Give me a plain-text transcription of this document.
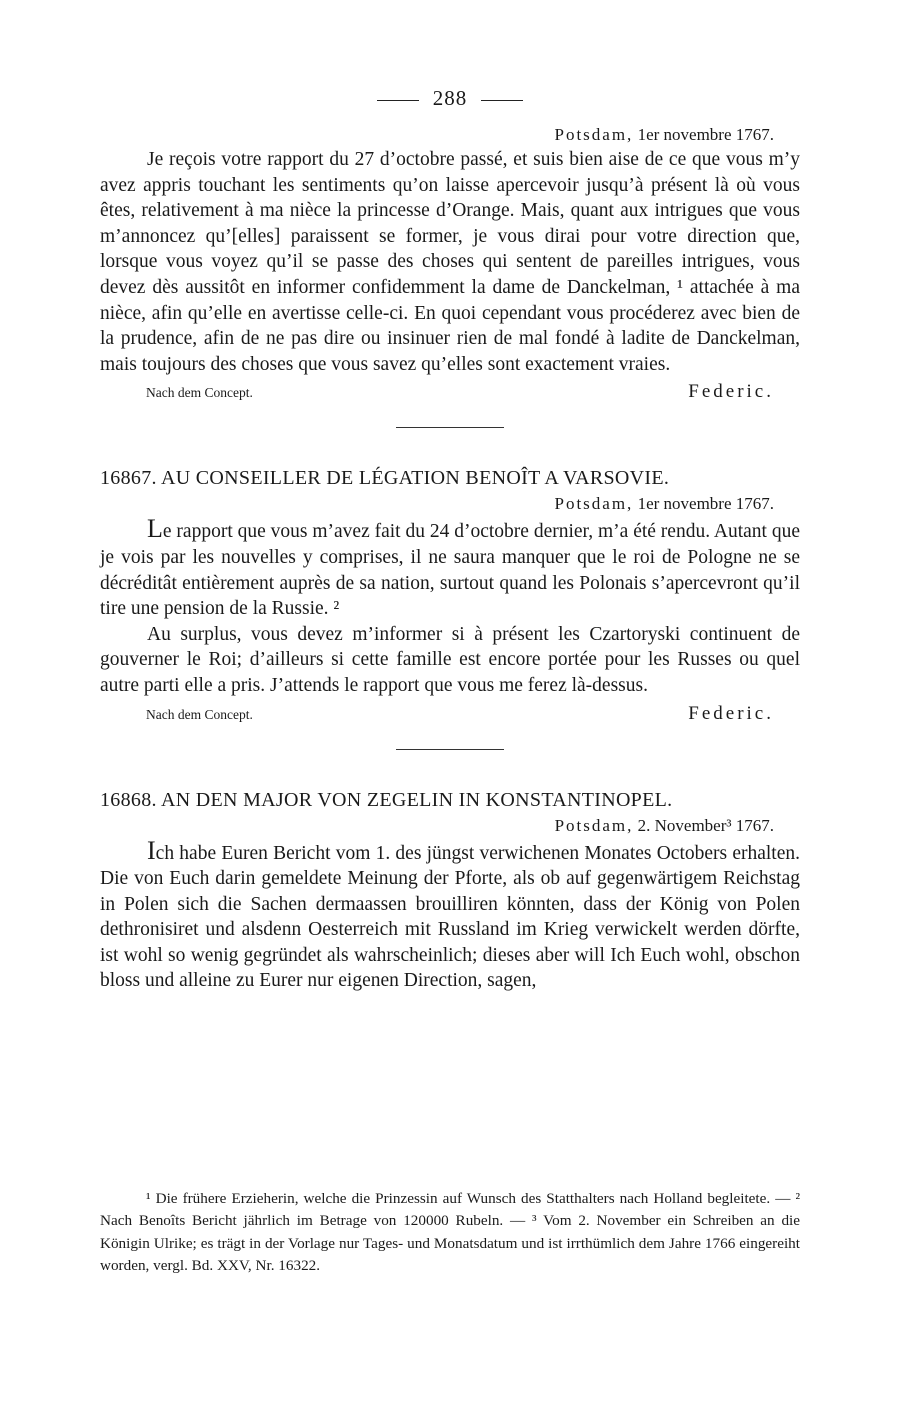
288

Potsdam, 1er novembre 1767.

Je reçois votre rapport du 27 d’octobre passé, et suis bien aise de ce que vous m’y avez appris touchant les sentiments qu’on laisse apercevoir jusqu’à présent là où vous êtes, relativement à ma nièce la princesse d’Orange. Mais, quant aux intrigues que vous m’annoncez qu’[elles] paraissent se former, je vous dirai pour votre direction que, lorsque vous voyez qu’il se passe des choses qui sentent de pareilles intrigues, vous devez dès aussitôt en informer confidemment la dame de Danckelman, ¹ attachée à ma nièce, afin qu’elle en avertisse celle-ci. En quoi cependant vous procéderez avec bien de la prudence, afin de ne pas dire ou insinuer rien de mal fondé à ladite de Danckelman, mais toujours des choses que vous savez qu’elles sont exactement vraies.

Nach dem Concept.	Federic.

16867. AU CONSEILLER DE LÉGATION BENOÎT A VARSOVIE.

Potsdam, 1er novembre 1767.

Le rapport que vous m’avez fait du 24 d’octobre dernier, m’a été rendu. Autant que je vois par les nouvelles y comprises, il ne saura manquer que le roi de Pologne ne se décréditât entièrement auprès de sa nation, surtout quand les Polonais s’apercevront qu’il tire une pension de la Russie. ²

Au surplus, vous devez m’informer si à présent les Czartoryski continuent de gouverner le Roi; d’ailleurs si cette famille est encore portée pour les Russes ou quel autre parti elle a pris. J’attends le rapport que vous me ferez là-dessus.

Nach dem Concept.	Federic.

16868. AN DEN MAJOR VON ZEGELIN IN KONSTANTINOPEL.

Potsdam, 2. November³ 1767.

Ich habe Euren Bericht vom 1. des jüngst verwichenen Monates Octobers erhalten. Die von Euch darin gemeldete Meinung der Pforte, als ob auf gegenwärtigem Reichstag in Polen sich die Sachen dermaassen brouilliren könnten, dass der König von Polen dethronisiret und alsdenn Oesterreich mit Russland im Krieg verwickelt werden dörfte, ist wohl so wenig gegründet als wahrscheinlich; dieses aber will Ich Euch wohl, obschon bloss und alleine zu Eurer nur eigenen Direction, sagen,

¹ Die frühere Erzieherin, welche die Prinzessin auf Wunsch des Statthalters nach Holland begleitete. — ² Nach Benoîts Bericht jährlich im Betrage von 120000 Rubeln. — ³ Vom 2. November ein Schreiben an die Königin Ulrike; es trägt in der Vorlage nur Tages- und Monatsdatum und ist irrthümlich dem Jahre 1766 eingereiht worden, vergl. Bd. XXV, Nr. 16322.
